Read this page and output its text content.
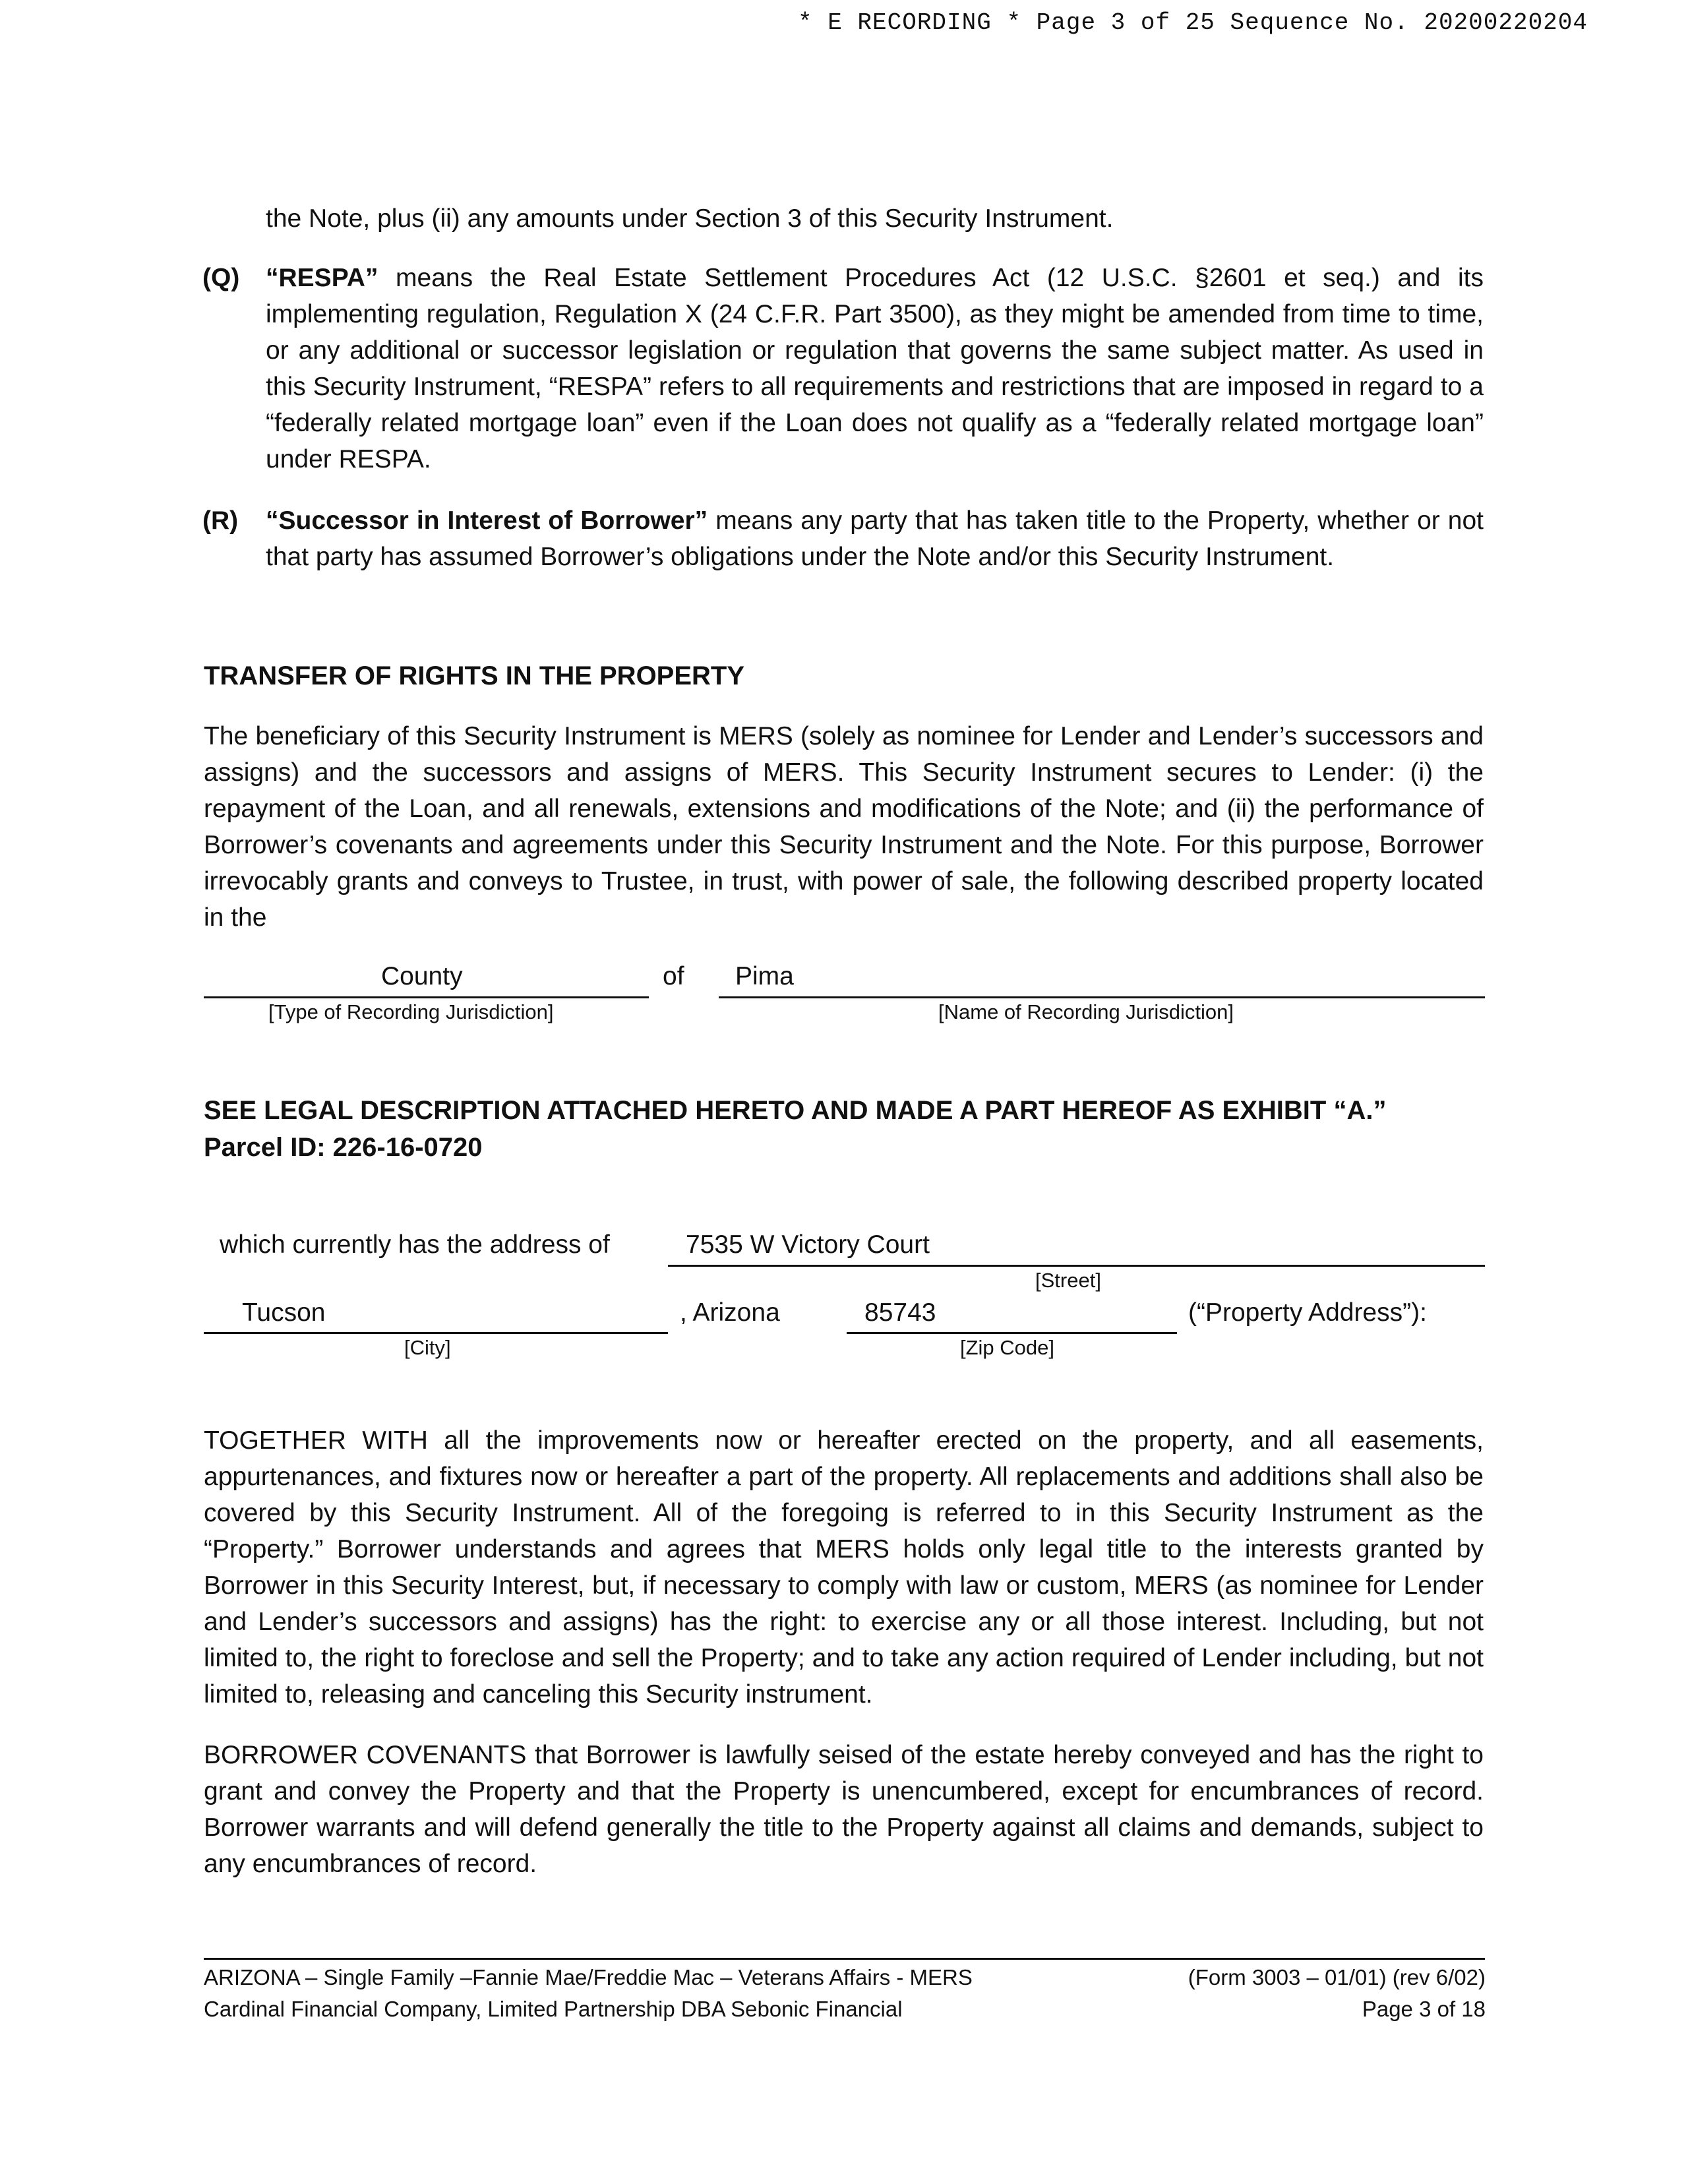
* E RECORDING * Page 3 of 25 Sequence No. 20200220204
the Note, plus (ii) any amounts under Section 3 of this Security Instrument.
(Q) “RESPA” means the Real Estate Settlement Procedures Act (12 U.S.C. §2601 et seq.) and its implementing regulation, Regulation X (24 C.F.R. Part 3500), as they might be amended from time to time, or any additional or successor legislation or regulation that governs the same subject matter. As used in this Security Instrument, “RESPA” refers to all requirements and restrictions that are imposed in regard to a “federally related mortgage loan” even if the Loan does not qualify as a “federally related mortgage loan” under RESPA.
(R) “Successor in Interest of Borrower” means any party that has taken title to the Property, whether or not that party has assumed Borrower’s obligations under the Note and/or this Security Instrument.
TRANSFER OF RIGHTS IN THE PROPERTY
The beneficiary of this Security Instrument is MERS (solely as nominee for Lender and Lender’s successors and assigns) and the successors and assigns of MERS. This Security Instrument secures to Lender: (i) the repayment of the Loan, and all renewals, extensions and modifications of the Note; and (ii) the performance of Borrower’s covenants and agreements under this Security Instrument and the Note. For this purpose, Borrower irrevocably grants and conveys to Trustee, in trust, with power of sale, the following described property located in the
County	of Pima
[Type of Recording Jurisdiction]	[Name of Recording Jurisdiction]
SEE LEGAL DESCRIPTION ATTACHED HERETO AND MADE A PART HEREOF AS EXHIBIT “A.”
Parcel ID: 226-16-0720
which currently has the address of	7535 W Victory Court
[Street]
Tucson	, Arizona	85743	(“Property Address”):
[City]	[Zip Code]
TOGETHER WITH all the improvements now or hereafter erected on the property, and all easements, appurtenances, and fixtures now or hereafter a part of the property. All replacements and additions shall also be covered by this Security Instrument. All of the foregoing is referred to in this Security Instrument as the “Property.” Borrower understands and agrees that MERS holds only legal title to the interests granted by Borrower in this Security Interest, but, if necessary to comply with law or custom, MERS (as nominee for Lender and Lender’s successors and assigns) has the right: to exercise any or all those interest. Including, but not limited to, the right to foreclose and sell the Property; and to take any action required of Lender including, but not limited to, releasing and canceling this Security instrument.
BORROWER COVENANTS that Borrower is lawfully seised of the estate hereby conveyed and has the right to grant and convey the Property and that the Property is unencumbered, except for encumbrances of record. Borrower warrants and will defend generally the title to the Property against all claims and demands, subject to any encumbrances of record.
ARIZONA – Single Family –Fannie Mae/Freddie Mac – Veterans Affairs - MERS
Cardinal Financial Company, Limited Partnership DBA Sebonic Financial
(Form 3003 – 01/01) (rev 6/02)
Page 3 of 18
